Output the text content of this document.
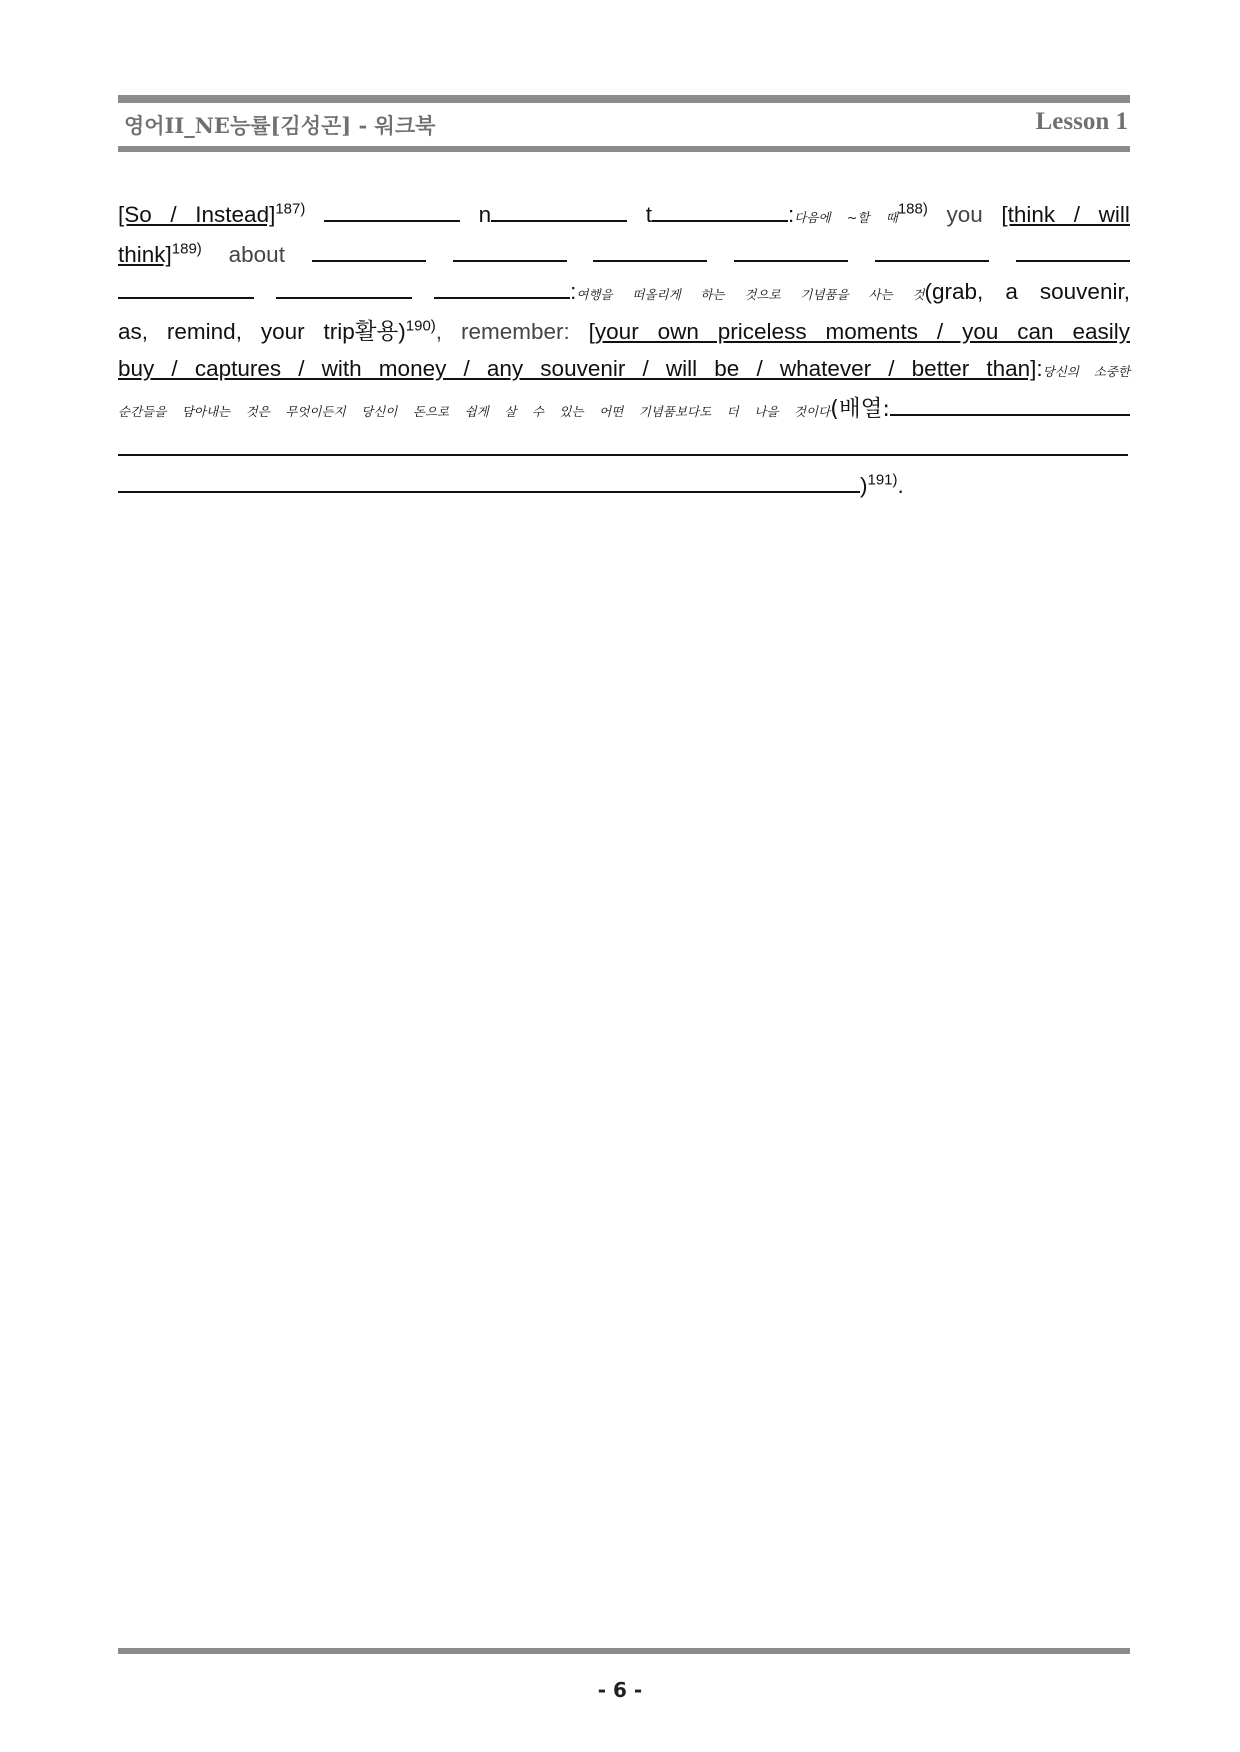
영어II_NE능률[김성곤] - 워크북	Lesson 1
[So / Instead]$^{187)}$	n	t	:다음에 ~할 때$^{188)}$ you [think / will
think]$^{189)}$ about
:여행을 떠올리게 하는 것으로 기념품을 사는 것(grab, a souvenir,
as, remind, your trip활용)$^{190)}$, remember: [your own priceless moments / you can easily
buy / captures / with money / any souvenir / will be / whatever / better than]:당신의 소중한
순간들을 담아내는 것은 무엇이든지 당신이 돈으로 쉽게 살 수 있는 어떤 기념품보다도 더 나을 것이다(배열:
)$^{191)}$.
- 6 -
